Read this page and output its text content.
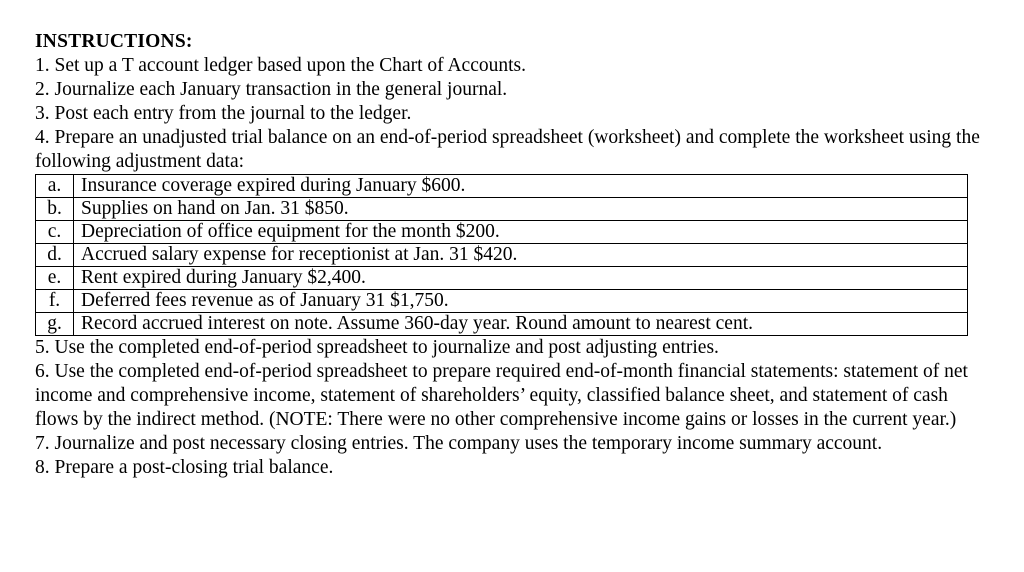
INSTRUCTIONS:
1. Set up a T account ledger based upon the Chart of Accounts.
2. Journalize each January transaction in the general journal.
3. Post each entry from the journal to the ledger.
4. Prepare an unadjusted trial balance on an end-of-period spreadsheet (worksheet) and complete the worksheet using the following adjustment data:
a.	Insurance coverage expired during January $600.
b.	Supplies on hand on Jan. 31 $850.
c.	Depreciation of office equipment for the month $200.
d.	Accrued salary expense for receptionist at Jan. 31 $420.
e.	Rent expired during January $2,400.
f.	Deferred fees revenue as of January 31 $1,750.
g.	Record accrued interest on note. Assume 360-day year. Round amount to nearest cent.
5. Use the completed end-of-period spreadsheet to journalize and post adjusting entries.
6. Use the completed end-of-period spreadsheet to prepare required end-of-month financial statements: statement of net income and comprehensive income, statement of shareholders’ equity, classified balance sheet, and statement of cash flows by the indirect method. (NOTE: There were no other comprehensive income gains or losses in the current year.)
7. Journalize and post necessary closing entries. The company uses the temporary income summary account.
8. Prepare a post-closing trial balance.
